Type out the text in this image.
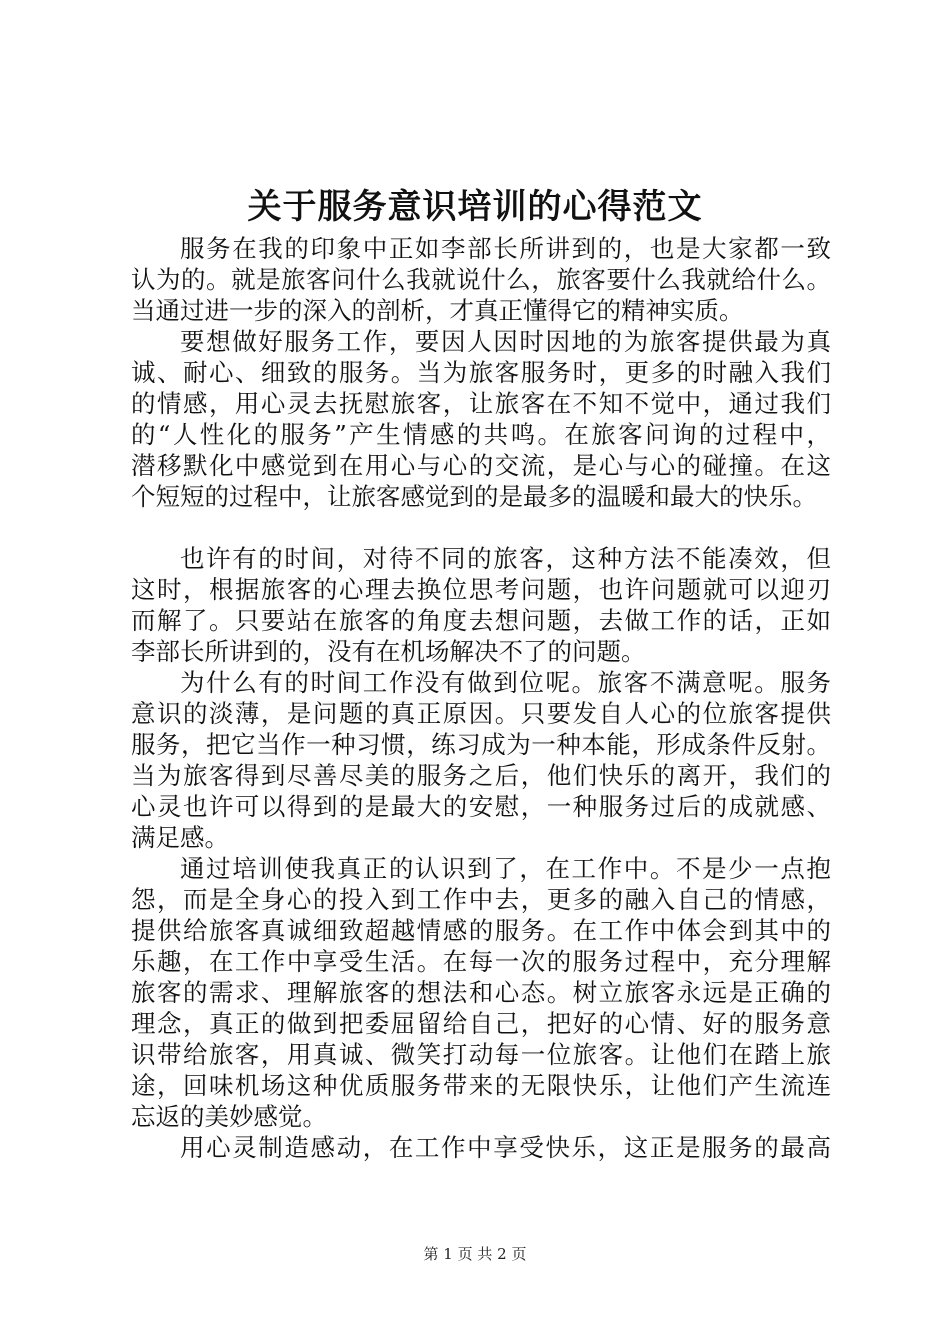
关于服务意识培训的心得范文
服务在我的印象中正如李部长所讲到的，也是大家都一致
认为的。就是旅客问什么我就说什么，旅客要什么我就给什么。
当通过进一步的深入的剖析，才真正懂得它的精神实质。
要想做好服务工作，要因人因时因地的为旅客提供最为真
诚、耐心、细致的服务。当为旅客服务时，更多的时融入我们
的情感，用心灵去抚慰旅客，让旅客在不知不觉中，通过我们
的“人性化的服务”产生情感的共鸣。在旅客问询的过程中，
潜移默化中感觉到在用心与心的交流，是心与心的碰撞。在这
个短短的过程中，让旅客感觉到的是最多的温暖和最大的快乐。
也许有的时间，对待不同的旅客，这种方法不能凑效，但
这时，根据旅客的心理去换位思考问题，也许问题就可以迎刃
而解了。只要站在旅客的角度去想问题，去做工作的话，正如
李部长所讲到的，没有在机场解决不了的问题。
为什么有的时间工作没有做到位呢。旅客不满意呢。服务
意识的淡薄，是问题的真正原因。只要发自人心的位旅客提供
服务，把它当作一种习惯，练习成为一种本能，形成条件反射。
当为旅客得到尽善尽美的服务之后，他们快乐的离开，我们的
心灵也许可以得到的是最大的安慰，一种服务过后的成就感、
满足感。
通过培训使我真正的认识到了，在工作中。不是少一点抱
怨，而是全身心的投入到工作中去，更多的融入自己的情感，
提供给旅客真诚细致超越情感的服务。在工作中体会到其中的
乐趣，在工作中享受生活。在每一次的服务过程中，充分理解
旅客的需求、理解旅客的想法和心态。树立旅客永远是正确的
理念，真正的做到把委屈留给自己，把好的心情、好的服务意
识带给旅客，用真诚、微笑打动每一位旅客。让他们在踏上旅
途，回味机场这种优质服务带来的无限快乐，让他们产生流连
忘返的美妙感觉。
用心灵制造感动，在工作中享受快乐，这正是服务的最高
第 1 页 共 2 页
